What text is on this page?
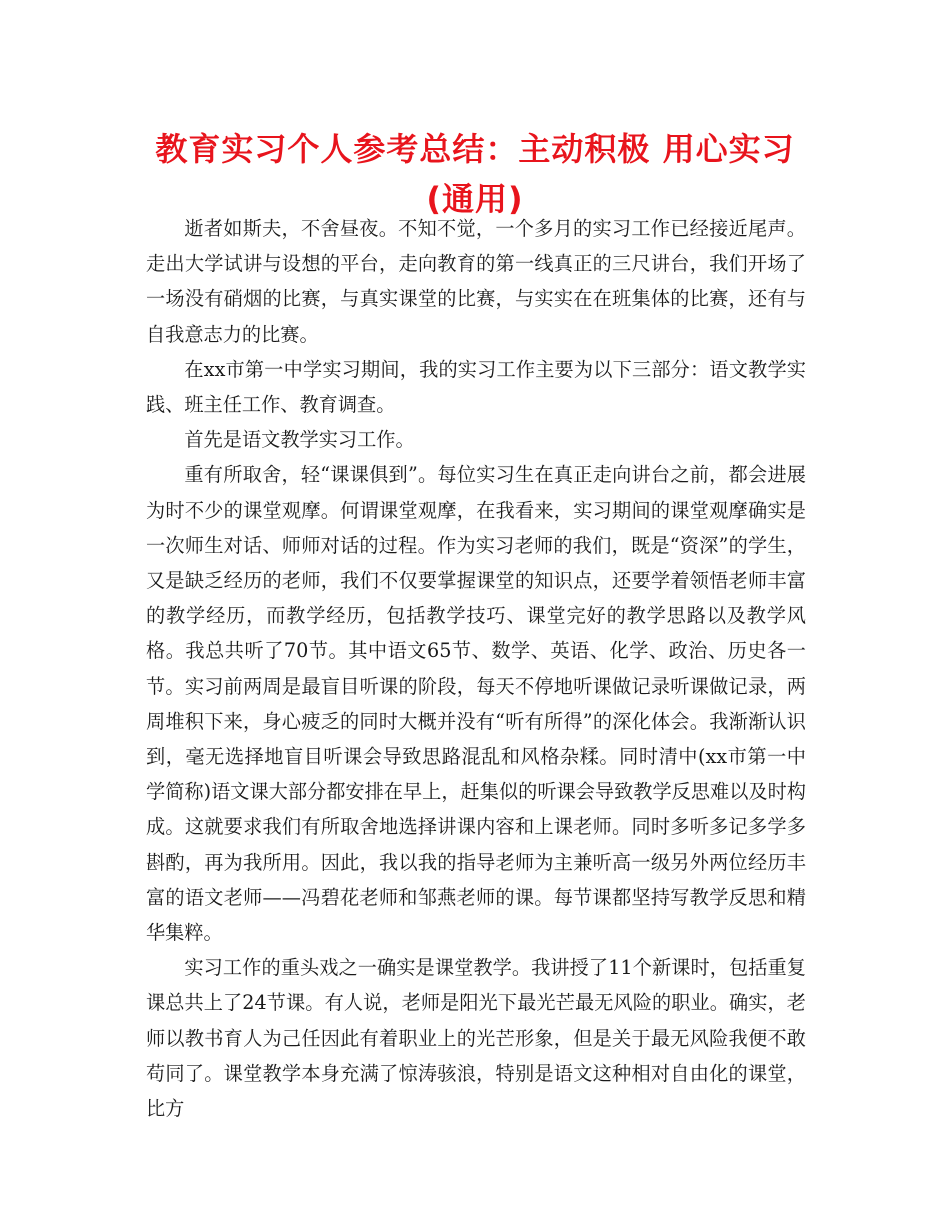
教育实习个人参考总结：主动积极 用心实习(通用)

逝者如斯夫，不舍昼夜。不知不觉，一个多月的实习工作已经接近尾声。走出大学试讲与设想的平台，走向教育的第一线真正的三尺讲台，我们开场了一场没有硝烟的比赛，与真实课堂的比赛，与实实在在班集体的比赛，还有与自我意志力的比赛。

在xx市第一中学实习期间，我的实习工作主要为以下三部分：语文教学实践、班主任工作、教育调查。

首先是语文教学实习工作。

重有所取舍，轻“课课俱到”。每位实习生在真正走向讲台之前，都会进展为时不少的课堂观摩。何谓课堂观摩，在我看来，实习期间的课堂观摩确实是一次师生对话、师师对话的过程。作为实习老师的我们，既是“资深”的学生，又是缺乏经历的老师，我们不仅要掌握课堂的知识点，还要学着领悟老师丰富的教学经历，而教学经历，包括教学技巧、课堂完好的教学思路以及教学风格。我总共听了70节。其中语文65节、数学、英语、化学、政治、历史各一节。实习前两周是最盲目听课的阶段，每天不停地听课做记录听课做记录，两周堆积下来，身心疲乏的同时大概并没有“听有所得”的深化体会。我渐渐认识到，毫无选择地盲目听课会导致思路混乱和风格杂糅。同时清中(xx市第一中学简称)语文课大部分都安排在早上，赶集似的听课会导致教学反思难以及时构成。这就要求我们有所取舍地选择讲课内容和上课老师。同时多听多记多学多斟酌，再为我所用。因此，我以我的指导老师为主兼听高一级另外两位经历丰富的语文老师——冯碧花老师和邹燕老师的课。每节课都坚持写教学反思和精华集粹。

实习工作的重头戏之一确实是课堂教学。我讲授了11个新课时，包括重复课总共上了24节课。有人说，老师是阳光下最光芒最无风险的职业。确实，老师以教书育人为己任因此有着职业上的光芒形象，但是关于最无风险我便不敢苟同了。课堂教学本身充满了惊涛骇浪，特别是语文这种相对自由化的课堂，比方
